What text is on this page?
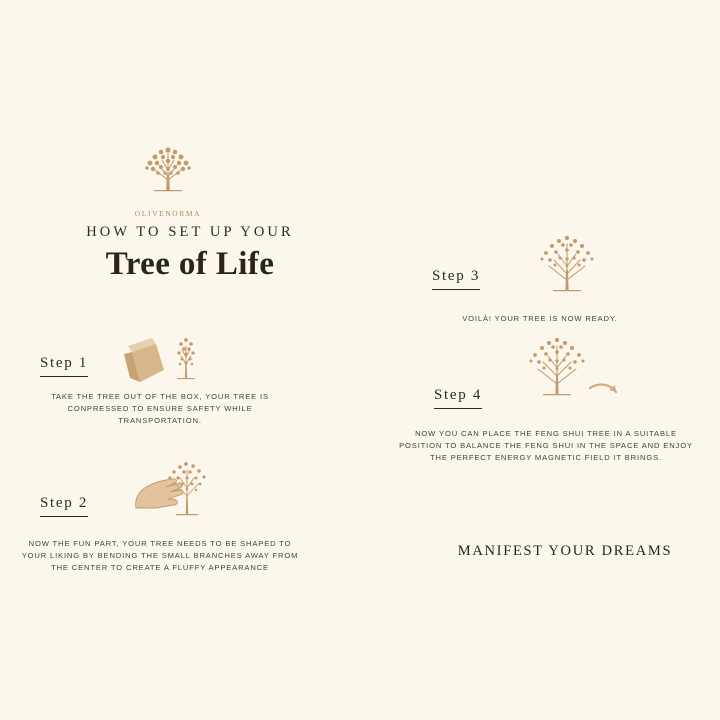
OLIVENORMA
HOW TO SET UP YOUR
Tree of Life
Step 1
TAKE THE TREE OUT OF THE BOX, YOUR TREE IS CONPRESSED TO ENSURE SAFETY WHILE TRANSPORTATION.
Step 2
NOW THE FUN PART, YOUR TREE NEEDS TO BE SHAPED TO YOUR LIKING BY BENDING THE SMALL BRANCHES AWAY FROM THE CENTER TO CREATE A FLUFFY APPEARANCE
Step 3
VOILÀ! YOUR TREE IS NOW READY.
Step 4
NOW YOU CAN PLACE THE FENG SHUI TREE IN A SUITABLE POSITION TO BALANCE THE FENG SHUI IN THE SPACE AND ENJOY THE PERFECT ENERGY MAGNETIC FIELD IT BRINGS.
MANIFEST YOUR DREAMS
